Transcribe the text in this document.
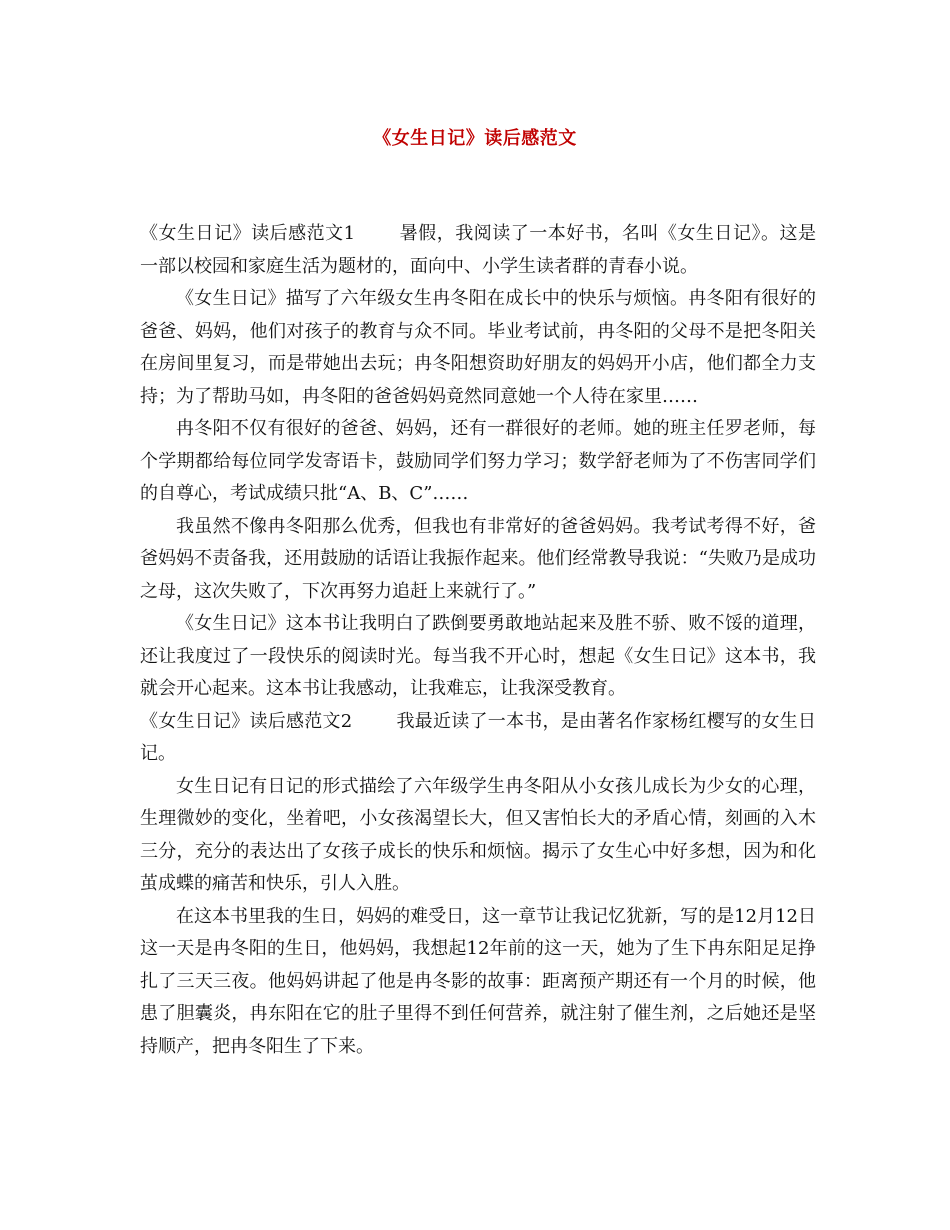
《女生日记》读后感范文

《女生日记》读后感范文1 暑假，我阅读了一本好书，名叫《女生日记》。这是一部以校园和家庭生活为题材的，面向中、小学生读者群的青春小说。

《女生日记》描写了六年级女生冉冬阳在成长中的快乐与烦恼。冉冬阳有很好的爸爸、妈妈，他们对孩子的教育与众不同。毕业考试前，冉冬阳的父母不是把冬阳关在房间里复习，而是带她出去玩；冉冬阳想资助好朋友的妈妈开小店，他们都全力支持；为了帮助马如，冉冬阳的爸爸妈妈竟然同意她一个人待在家里……

冉冬阳不仅有很好的爸爸、妈妈，还有一群很好的老师。她的班主任罗老师，每个学期都给每位同学发寄语卡，鼓励同学们努力学习；数学舒老师为了不伤害同学们的自尊心，考试成绩只批“A、B、C”……

我虽然不像冉冬阳那么优秀，但我也有非常好的爸爸妈妈。我考试考得不好，爸爸妈妈不责备我，还用鼓励的话语让我振作起来。他们经常教导我说：“失败乃是成功之母，这次失败了，下次再努力追赶上来就行了。”

《女生日记》这本书让我明白了跌倒要勇敢地站起来及胜不骄、败不馁的道理，还让我度过了一段快乐的阅读时光。每当我不开心时，想起《女生日记》这本书，我就会开心起来。这本书让我感动，让我难忘，让我深受教育。

《女生日记》读后感范文2 我最近读了一本书，是由著名作家杨红樱写的女生日记。

女生日记有日记的形式描绘了六年级学生冉冬阳从小女孩儿成长为少女的心理，生理微妙的变化，坐着吧，小女孩渴望长大，但又害怕长大的矛盾心情，刻画的入木三分，充分的表达出了女孩子成长的快乐和烦恼。揭示了女生心中好多想，因为和化茧成蝶的痛苦和快乐，引人入胜。

在这本书里我的生日，妈妈的难受日，这一章节让我记忆犹新，写的是12月12日这一天是冉冬阳的生日，他妈妈，我想起12年前的这一天，她为了生下冉东阳足足挣扎了三天三夜。他妈妈讲起了他是冉冬影的故事：距离预产期还有一个月的时候，他患了胆囊炎，冉东阳在它的肚子里得不到任何营养，就注射了催生剂，之后她还是坚持顺产，把冉冬阳生了下来。
